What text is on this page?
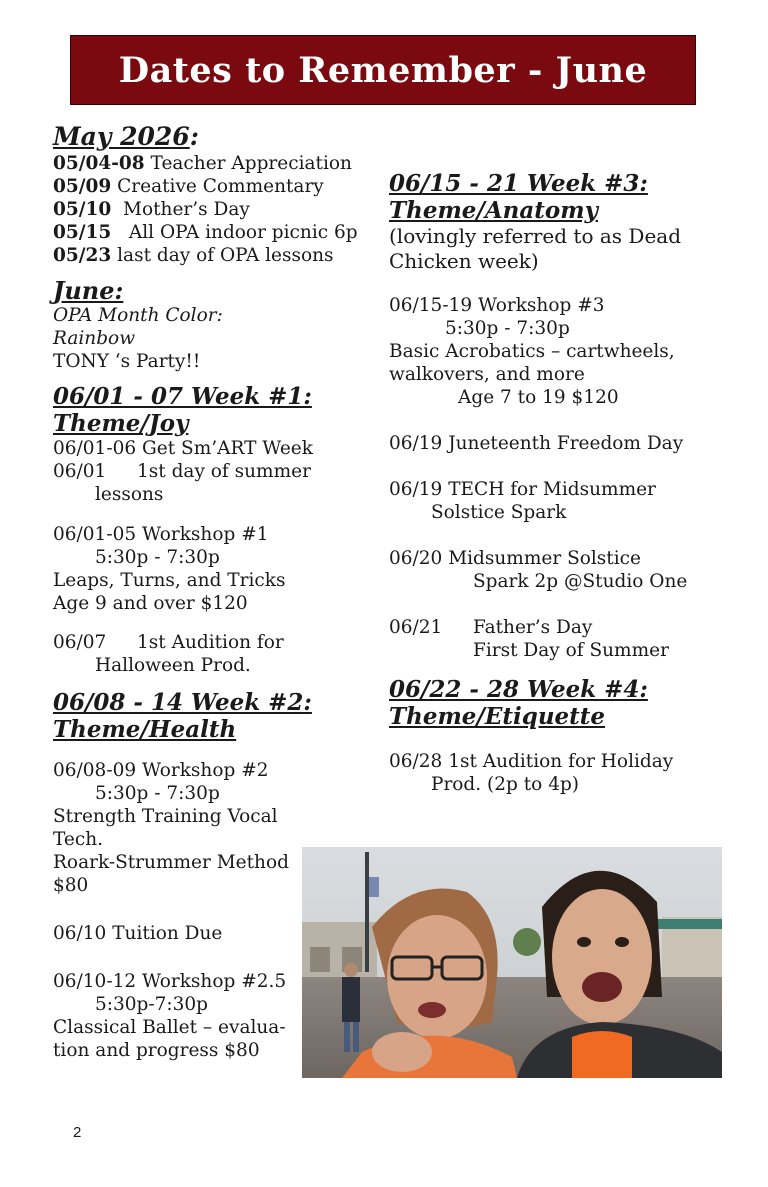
Dates to Remember - June

May 2026:

05/04-08 Teacher Appreciation

05/09 Creative Commentary

05/10  Mother’s Day

05/15   All OPA indoor picnic 6p

05/23 last day of OPA lessons

June:

OPA Month Color:

Rainbow

TONY ‘s Party!!

06/01 - 07 Week #1:

Theme/Joy

06/01-06 Get Sm’ART Week

06/01 1st day of summer

lessons

06/01-05 Workshop #1

5:30p - 7:30p

Leaps, Turns, and Tricks

Age 9 and over $120

06/07 1st Audition for

Halloween Prod.

06/08 - 14 Week #2:

Theme/Health

06/08-09 Workshop #2

5:30p - 7:30p

Strength Training Vocal

Tech.

Roark-Strummer Method

$80

06/10 Tuition Due

06/10-12 Workshop #2.5

5:30p-7:30p

Classical Ballet – evalua-

tion and progress $80

06/15 - 21 Week #3:

Theme/Anatomy

(lovingly referred to as Dead

Chicken week)

06/15-19 Workshop #3

5:30p - 7:30p

Basic Acrobatics – cartwheels,

walkovers, and more

Age 7 to 19 $120

06/19 Juneteenth Freedom Day

06/19 TECH for Midsummer

Solstice Spark

06/20 Midsummer Solstice

Spark 2p @Studio One

06/21 Father’s Day

First Day of Summer

06/22 - 28 Week #4:

Theme/Etiquette

06/28 1st Audition for Holiday

Prod. (2p to 4p)

2
